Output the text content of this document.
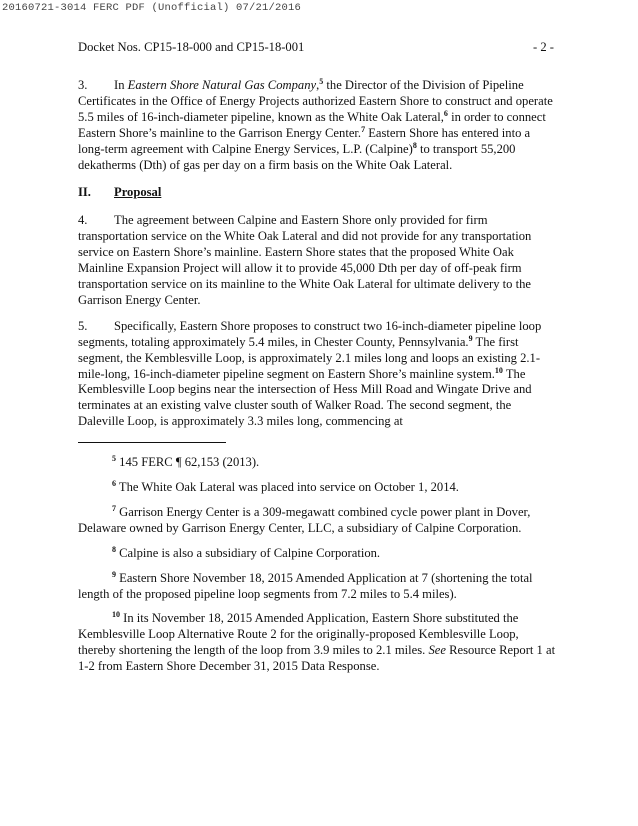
20160721-3014 FERC PDF (Unofficial) 07/21/2016
Docket Nos. CP15-18-000 and CP15-18-001	- 2 -

3. In Eastern Shore Natural Gas Company,$^5$ the Director of the Division of Pipeline Certificates in the Office of Energy Projects authorized Eastern Shore to construct and operate 5.5 miles of 16-inch-diameter pipeline, known as the White Oak Lateral,$^6$ in order to connect Eastern Shore’s mainline to the Garrison Energy Center.$^7$ Eastern Shore has entered into a long-term agreement with Calpine Energy Services, L.P. (Calpine)$^8$ to transport 55,200 dekatherms (Dth) of gas per day on a firm basis on the White Oak Lateral.

II. Proposal

4. The agreement between Calpine and Eastern Shore only provided for firm transportation service on the White Oak Lateral and did not provide for any transportation service on Eastern Shore’s mainline. Eastern Shore states that the proposed White Oak Mainline Expansion Project will allow it to provide 45,000 Dth per day of off-peak firm transportation service on its mainline to the White Oak Lateral for ultimate delivery to the Garrison Energy Center.

5. Specifically, Eastern Shore proposes to construct two 16-inch-diameter pipeline loop segments, totaling approximately 5.4 miles, in Chester County, Pennsylvania.$^9$ The first segment, the Kemblesville Loop, is approximately 2.1 miles long and loops an existing 2.1-mile-long, 16-inch-diameter pipeline segment on Eastern Shore’s mainline system.$^{10}$ The Kemblesville Loop begins near the intersection of Hess Mill Road and Wingate Drive and terminates at an existing valve cluster south of Walker Road. The second segment, the Daleville Loop, is approximately 3.3 miles long, commencing at

$^5$ 145 FERC ¶ 62,153 (2013).

$^6$ The White Oak Lateral was placed into service on October 1, 2014.

$^7$ Garrison Energy Center is a 309-megawatt combined cycle power plant in Dover, Delaware owned by Garrison Energy Center, LLC, a subsidiary of Calpine Corporation.

$^8$ Calpine is also a subsidiary of Calpine Corporation.

$^9$ Eastern Shore November 18, 2015 Amended Application at 7 (shortening the total length of the proposed pipeline loop segments from 7.2 miles to 5.4 miles).

$^{10}$ In its November 18, 2015 Amended Application, Eastern Shore substituted the Kemblesville Loop Alternative Route 2 for the originally-proposed Kemblesville Loop, thereby shortening the length of the loop from 3.9 miles to 2.1 miles. See Resource Report 1 at 1-2 from Eastern Shore December 31, 2015 Data Response.
